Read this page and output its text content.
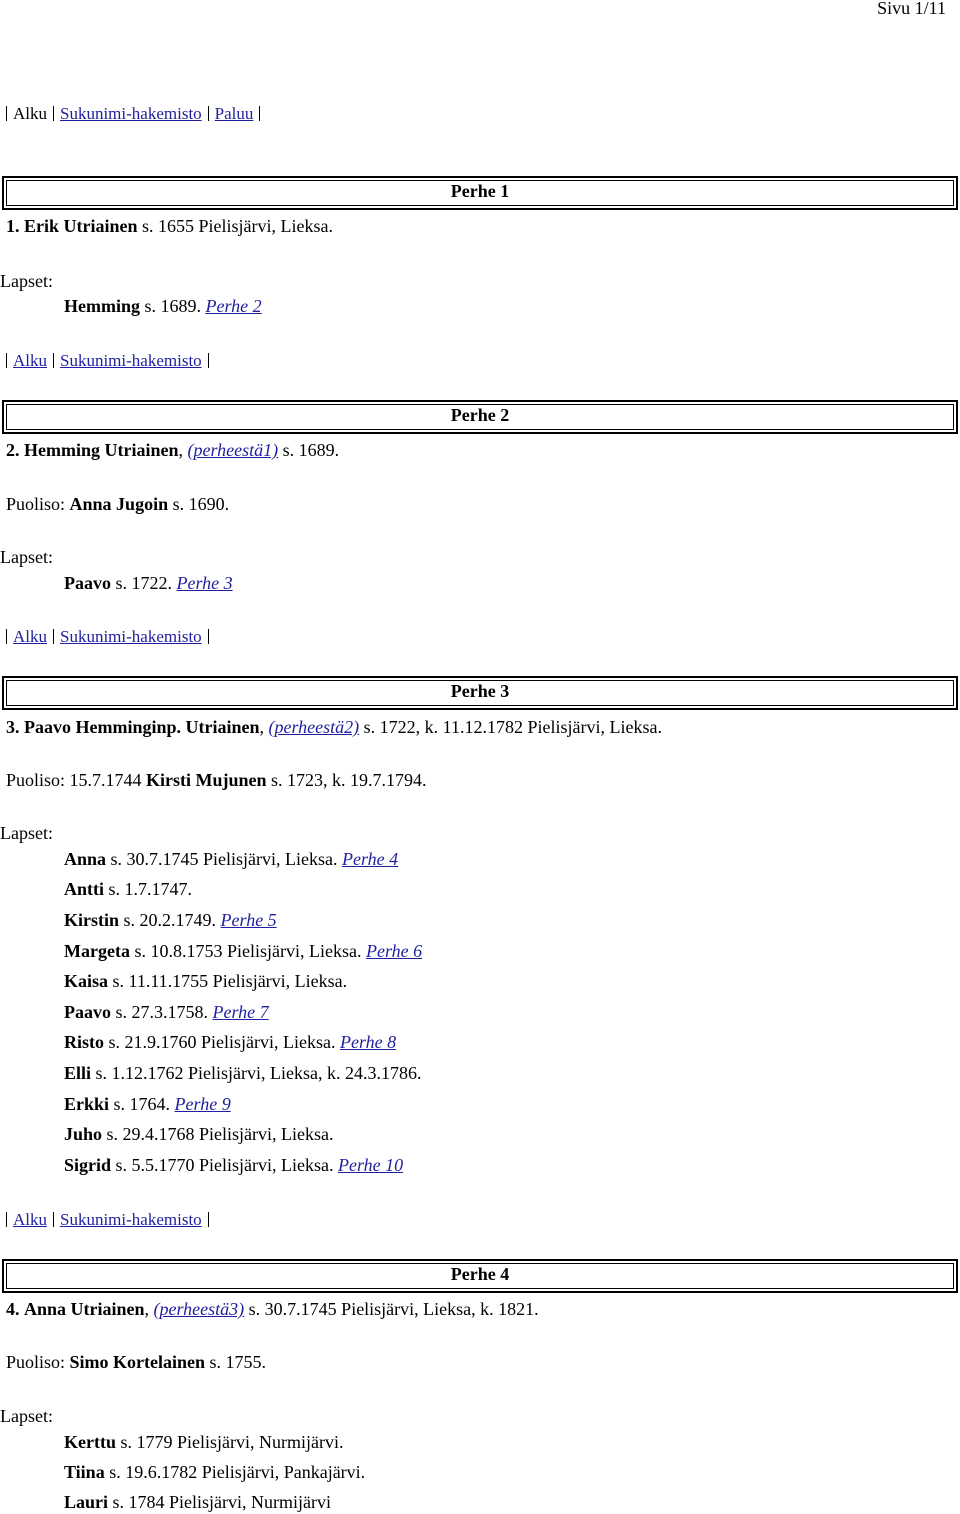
Sivu 1/11
Alku Sukunimi-hakemisto Paluu
Perhe 1
1. Erik Utriainen s. 1655 Pielisjärvi, Lieksa.
Lapset:
Hemming s. 1689. Perhe 2
Alku Sukunimi-hakemisto
Perhe 2
2. Hemming Utriainen, (perheestä1) s. 1689.
Puoliso: Anna Jugoin s. 1690.
Lapset:
Paavo s. 1722. Perhe 3
Alku Sukunimi-hakemisto
Perhe 3
3. Paavo Hemminginp. Utriainen, (perheestä2) s. 1722, k. 11.12.1782 Pielisjärvi, Lieksa.
Puoliso: 15.7.1744 Kirsti Mujunen s. 1723, k. 19.7.1794.
Lapset:
Anna s. 30.7.1745 Pielisjärvi, Lieksa. Perhe 4
Antti s. 1.7.1747.
Kirstin s. 20.2.1749. Perhe 5
Margeta s. 10.8.1753 Pielisjärvi, Lieksa. Perhe 6
Kaisa s. 11.11.1755 Pielisjärvi, Lieksa.
Paavo s. 27.3.1758. Perhe 7
Risto s. 21.9.1760 Pielisjärvi, Lieksa. Perhe 8
Elli s. 1.12.1762 Pielisjärvi, Lieksa, k. 24.3.1786.
Erkki s. 1764. Perhe 9
Juho s. 29.4.1768 Pielisjärvi, Lieksa.
Sigrid s. 5.5.1770 Pielisjärvi, Lieksa. Perhe 10
Alku Sukunimi-hakemisto
Perhe 4
4. Anna Utriainen, (perheestä3) s. 30.7.1745 Pielisjärvi, Lieksa, k. 1821.
Puoliso: Simo Kortelainen s. 1755.
Lapset:
Kerttu s. 1779 Pielisjärvi, Nurmijärvi.
Tiina s. 19.6.1782 Pielisjärvi, Pankajärvi.
Lauri s. 1784 Pielisjärvi, Nurmijärvi
